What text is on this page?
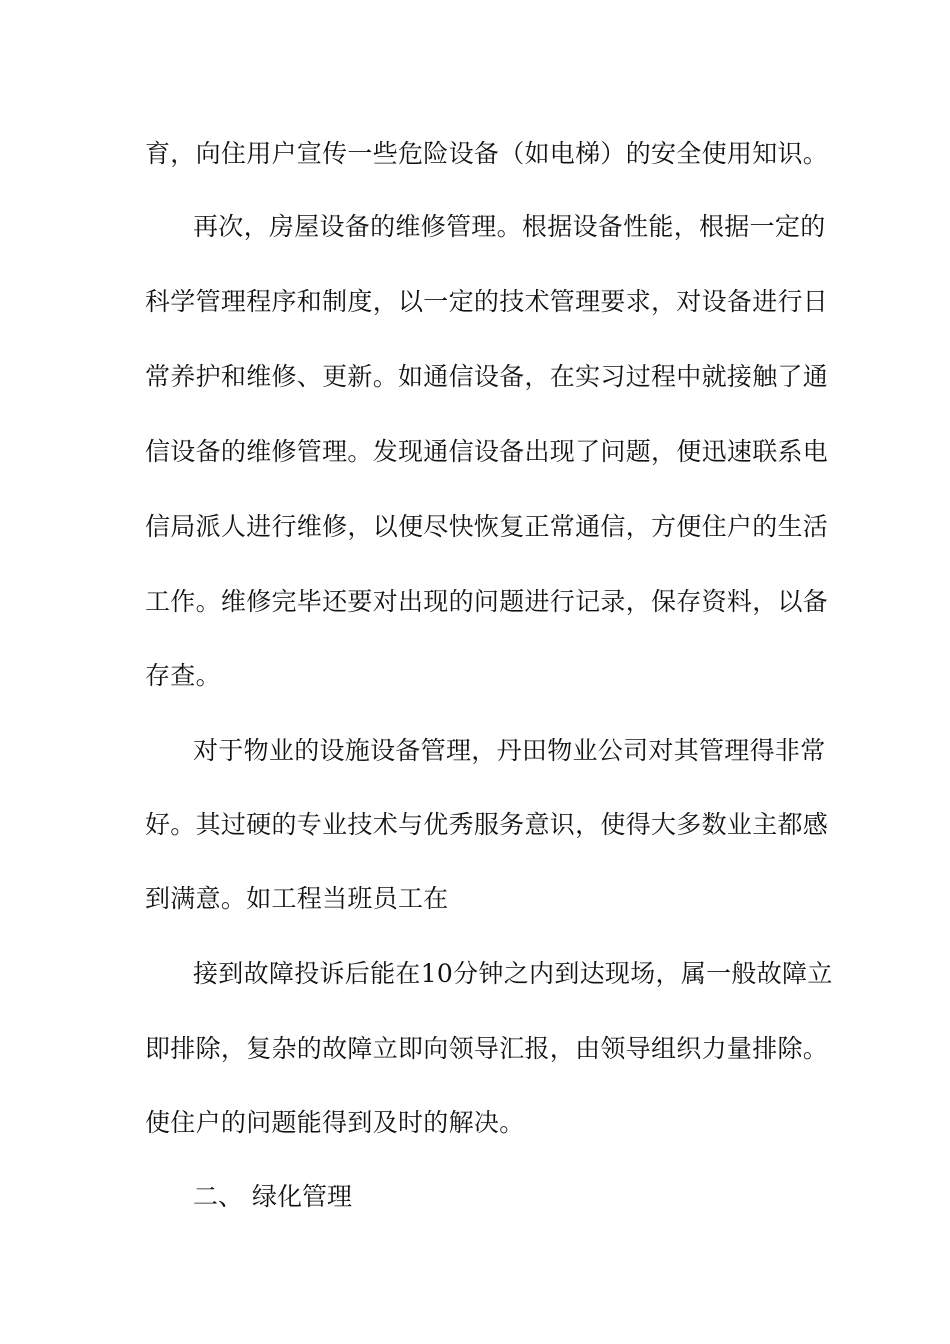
育，向住用户宣传一些危险设备（如电梯）的安全使用知识。
再次，房屋设备的维修管理。根据设备性能，根据一定的
科学管理程序和制度，以一定的技术管理要求，对设备进行日
常养护和维修、更新。如通信设备，在实习过程中就接触了通
信设备的维修管理。发现通信设备出现了问题，便迅速联系电
信局派人进行维修，以便尽快恢复正常通信，方便住户的生活
工作。维修完毕还要对出现的问题进行记录，保存资料，以备
存查。
对于物业的设施设备管理，丹田物业公司对其管理得非常
好。其过硬的专业技术与优秀服务意识，使得大多数业主都感
到满意。如工程当班员工在
接到故障投诉后能在10分钟之内到达现场，属一般故障立
即排除，复杂的故障立即向领导汇报，由领导组织力量排除。
使住户的问题能得到及时的解决。
二、 绿化管理
